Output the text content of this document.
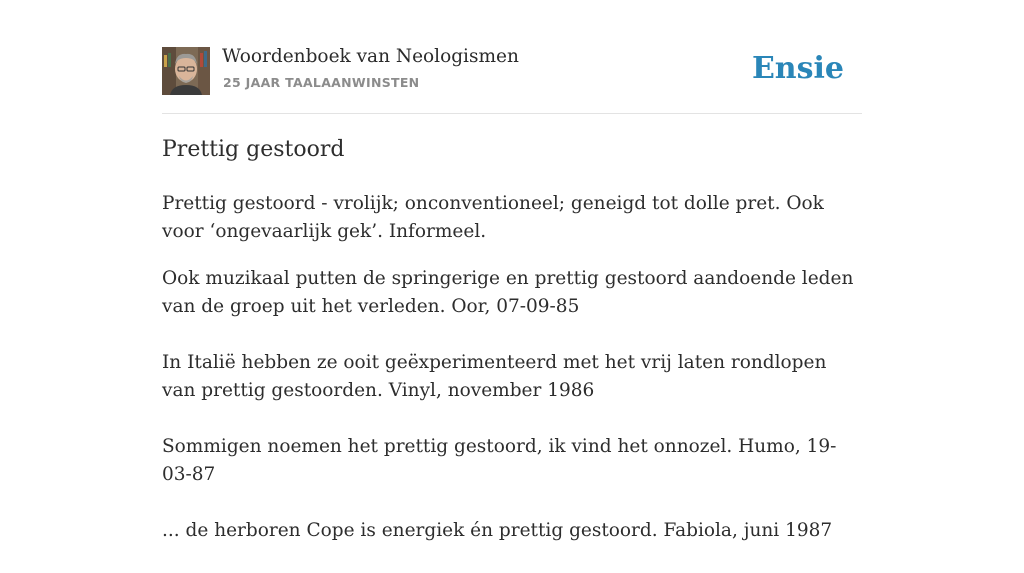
Woordenboek van Neologismen
25 JAAR TAALAANWINSTEN	Ensie
Prettig gestoord

Prettig gestoord - vrolijk; onconventioneel; geneigd tot dolle pret. Ook voor ‘ongevaarlijk gek’. Informeel.

Ook muzikaal putten de springerige en prettig gestoord aandoende leden van de groep uit het verleden. Oor, 07-09-85
In Italië hebben ze ooit geëxperimenteerd met het vrij laten rondlopen van prettig gestoorden. Vinyl, november 1986
Sommigen noemen het prettig gestoord, ik vind het onnozel. Humo, 19-03-87
... de herboren Cope is energiek én prettig gestoord. Fabiola, juni 1987
